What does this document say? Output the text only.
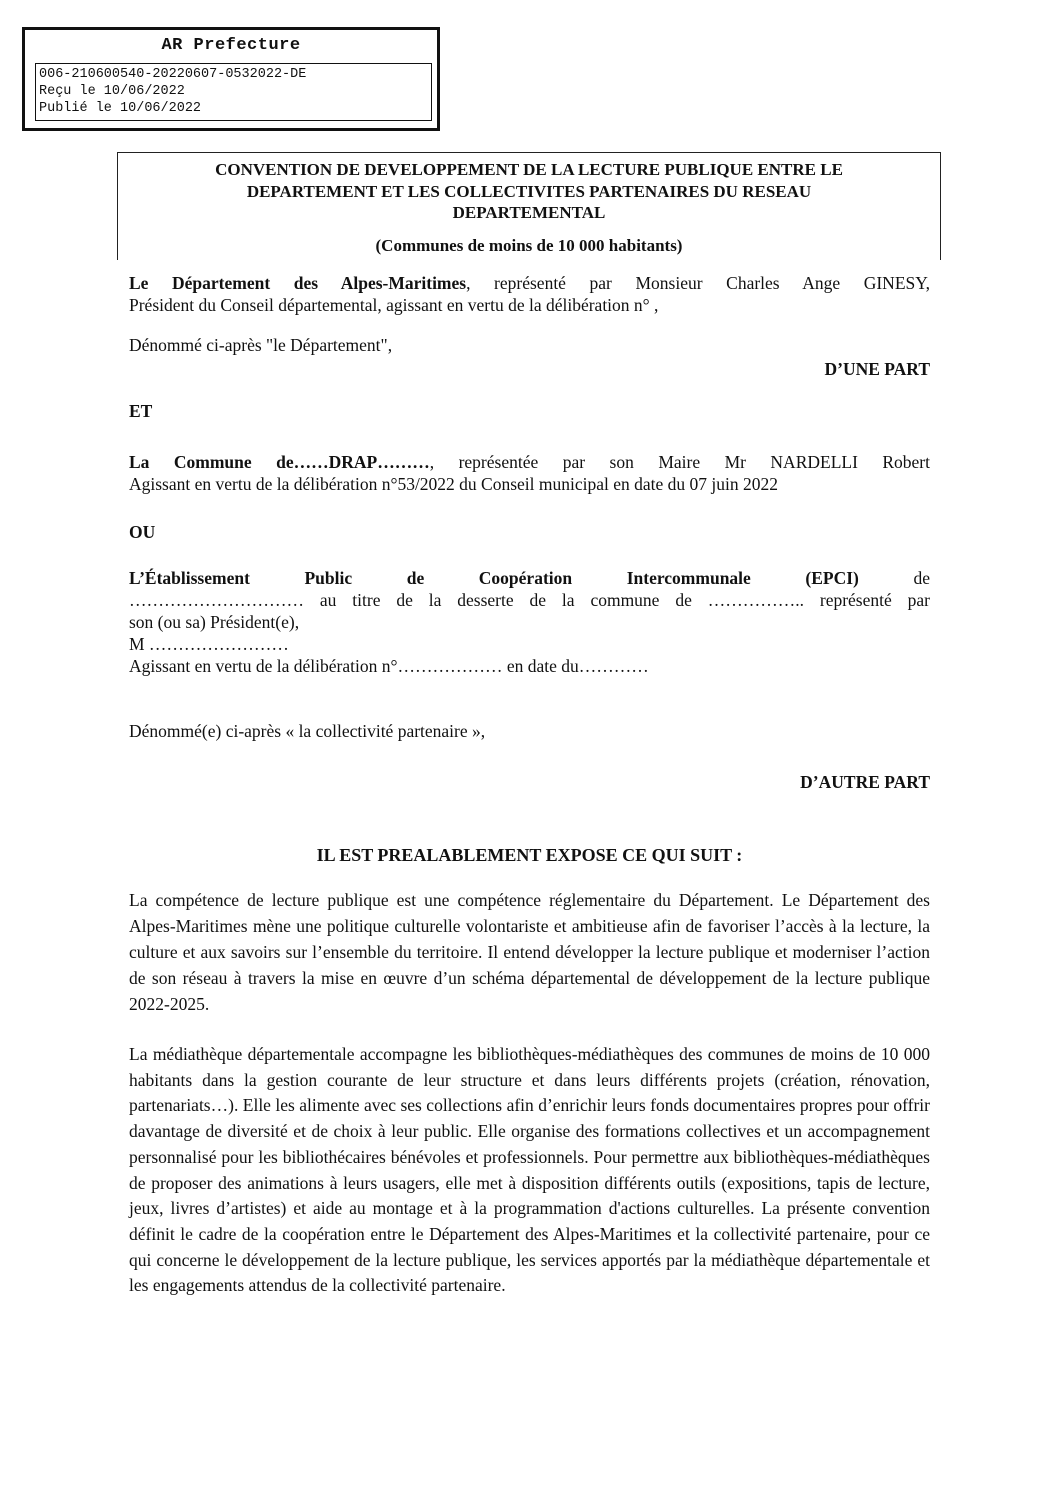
AR Prefecture
006-210600540-20220607-0532022-DE
Reçu le 10/06/2022
Publié le 10/06/2022
CONVENTION DE DEVELOPPEMENT DE LA LECTURE PUBLIQUE ENTRE LE
DEPARTEMENT ET LES COLLECTIVITES PARTENAIRES DU RESEAU
DEPARTEMENTAL
(Communes de moins de 10 000 habitants)
Le Département des Alpes-Maritimes, représenté par Monsieur Charles Ange GINESY,
Président du Conseil départemental, agissant en vertu de la délibération n° ,
Dénommé ci-après "le Département",
D’UNE PART
ET
La Commune de……DRAP………, représentée par son Maire Mr NARDELLI Robert
Agissant en vertu de la délibération n°53/2022 du Conseil municipal en date du 07 juin 2022
OU
L’Établissement	Public	de	Coopération	Intercommunale	(EPCI)	de
………………………… au titre de la desserte de la commune de …………….. représenté par
son (ou sa) Président(e),
M ……………………
Agissant en vertu de la délibération n°……………… en date du…………
Dénommé(e) ci-après « la collectivité partenaire »,
D’AUTRE PART
IL EST PREALABLEMENT EXPOSE CE QUI SUIT :
La compétence de lecture publique est une compétence réglementaire du Département. Le Département des Alpes-Maritimes mène une politique culturelle volontariste et ambitieuse afin de favoriser l’accès à la lecture, la culture et aux savoirs sur l’ensemble du territoire. Il entend développer la lecture publique et moderniser l’action de son réseau à travers la mise en œuvre d’un schéma départemental de développement de la lecture publique 2022-2025.
La médiathèque départementale accompagne les bibliothèques-médiathèques des communes de moins de 10 000 habitants dans la gestion courante de leur structure et dans leurs différents projets (création, rénovation, partenariats…). Elle les alimente avec ses collections afin d’enrichir leurs fonds documentaires propres pour offrir davantage de diversité et de choix à leur public. Elle organise des formations collectives et un accompagnement personnalisé pour les bibliothécaires bénévoles et professionnels. Pour permettre aux bibliothèques-médiathèques de proposer des animations à leurs usagers, elle met à disposition différents outils (expositions, tapis de lecture, jeux, livres d’artistes) et aide au montage et à la programmation d'actions culturelles. La présente convention définit le cadre de la coopération entre le Département des Alpes-Maritimes et la collectivité partenaire, pour ce qui concerne le développement de la lecture publique, les services apportés par la médiathèque départementale et les engagements attendus de la collectivité partenaire.
